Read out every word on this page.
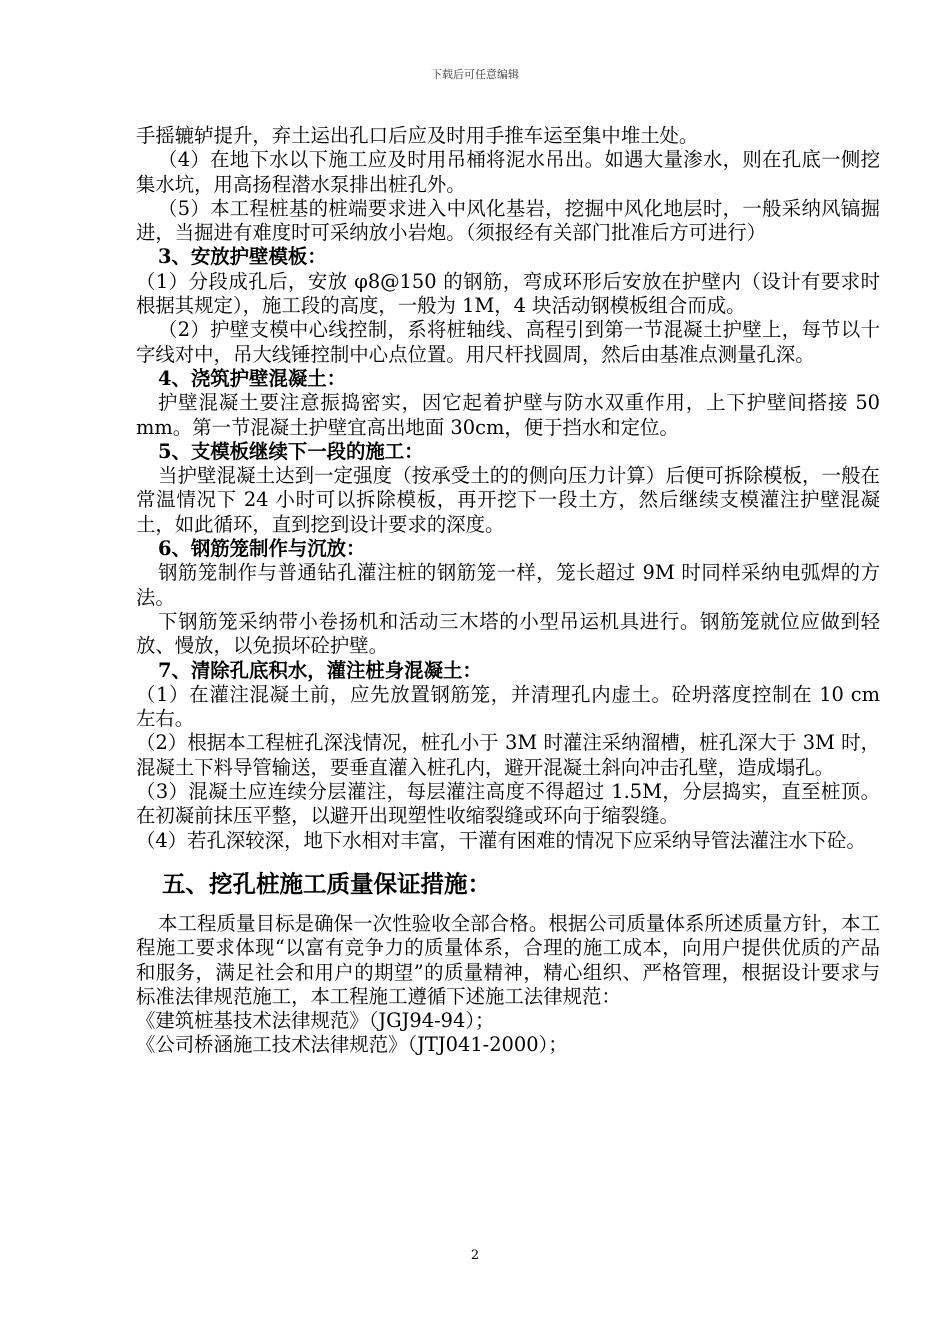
下载后可任意编辑

手摇辘轳提升，弃土运出孔口后应及时用手推车运至集中堆土处。

（4）在地下水以下施工应及时用吊桶将泥水吊出。如遇大量渗水，则在孔底一侧挖集水坑，用高扬程潜水泵排出桩孔外。

（5）本工程桩基的桩端要求进入中风化基岩，挖掘中风化地层时，一般采纳风镐掘进，当掘进有难度时可采纳放小岩炮。（须报经有关部门批准后方可进行）

3、安放护壁模板：

（1）分段成孔后，安放 φ8@150 的钢筋，弯成环形后安放在护壁内（设计有要求时根据其规定），施工段的高度，一般为 1M，4 块活动钢模板组合而成。

（2）护壁支模中心线控制，系将桩轴线、高程引到第一节混凝土护壁上，每节以十字线对中，吊大线锤控制中心点位置。用尺杆找圆周，然后由基准点测量孔深。

4、浇筑护壁混凝土：

护壁混凝土要注意振捣密实，因它起着护壁与防水双重作用，上下护壁间搭接 50 mm。第一节混凝土护壁宜高出地面 30cm，便于挡水和定位。

5、支模板继续下一段的施工：

当护壁混凝土达到一定强度（按承受土的的侧向压力计算）后便可拆除模板，一般在常温情况下 24 小时可以拆除模板，再开挖下一段土方，然后继续支模灌注护壁混凝土，如此循环，直到挖到设计要求的深度。

6、钢筋笼制作与沉放：

钢筋笼制作与普通钻孔灌注桩的钢筋笼一样，笼长超过 9M 时同样采纳电弧焊的方法。

下钢筋笼采纳带小卷扬机和活动三木塔的小型吊运机具进行。钢筋笼就位应做到轻放、慢放，以免损坏砼护壁。

7、清除孔底积水，灌注桩身混凝土：

（1）在灌注混凝土前，应先放置钢筋笼，并清理孔内虚土。砼坍落度控制在 10 cm 左右。

（2）根据本工程桩孔深浅情况，桩孔小于 3M 时灌注采纳溜槽，桩孔深大于 3M 时，混凝土下料导管输送，要垂直灌入桩孔内，避开混凝土斜向冲击孔壁，造成塌孔。

（3）混凝土应连续分层灌注，每层灌注高度不得超过 1.5M，分层捣实，直至桩顶。在初凝前抹压平整，以避开出现塑性收缩裂缝或环向于缩裂缝。

（4）若孔深较深，地下水相对丰富，干灌有困难的情况下应采纳导管法灌注水下砼。

五、挖孔桩施工质量保证措施：

本工程质量目标是确保一次性验收全部合格。根据公司质量体系所述质量方针，本工程施工要求体现“以富有竞争力的质量体系，合理的施工成本，向用户提供优质的产品和服务，满足社会和用户的期望”的质量精神，精心组织、严格管理，根据设计要求与标准法律规范施工，本工程施工遵循下述施工法律规范：

《建筑桩基技术法律规范》（JGJ94-94）；

《公司桥涵施工技术法律规范》（JTJ041-2000）；

2
